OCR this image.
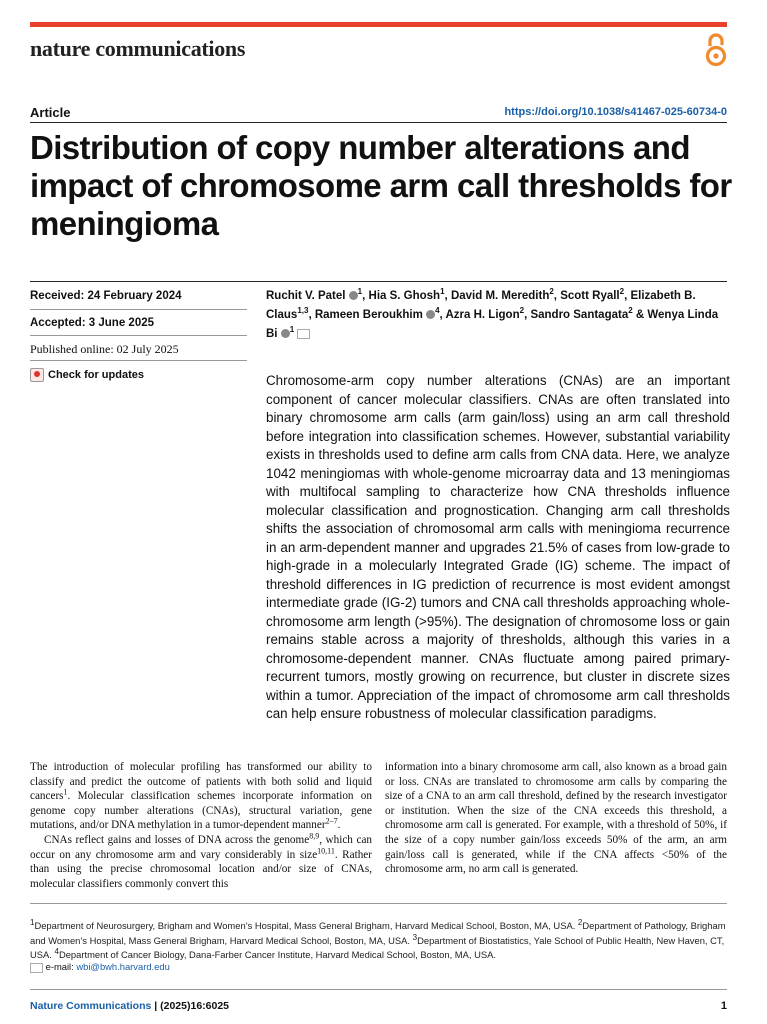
nature communications
Article	https://doi.org/10.1038/s41467-025-60734-0
Distribution of copy number alterations and impact of chromosome arm call thresholds for meningioma
Received: 24 February 2024
Accepted: 3 June 2025
Published online: 02 July 2025
Check for updates
Ruchit V. Patel $^1$, Hia S. Ghosh$^1$, David M. Meredith$^2$, Scott Ryall$^2$, Elizabeth B. Claus$^{1,3}$, Rameen Beroukhim $^4$, Azra H. Ligon$^2$, Sandro Santagata$^2$ & Wenya Linda Bi $^1$

Chromosome-arm copy number alterations (CNAs) are an important component of cancer molecular classifiers. CNAs are often translated into binary chromosome arm calls (arm gain/loss) using an arm call threshold before integration into classification schemes. However, substantial variability exists in thresholds used to define arm calls from CNA data. Here, we analyze 1042 meningiomas with whole-genome microarray data and 13 meningiomas with multifocal sampling to characterize how CNA thresholds influence molecular classification and prognostication. Changing arm call thresholds shifts the association of chromosomal arm calls with meningioma recurrence in an arm-dependent manner and upgrades 21.5% of cases from low-grade to high-grade in a molecularly Integrated Grade (IG) scheme. The impact of threshold differences in IG prediction of recurrence is most evident amongst intermediate grade (IG-2) tumors and CNA call thresholds approaching whole-chromosome arm length (>95%). The designation of chromosome loss or gain remains stable across a majority of thresholds, although this varies in a chromosome-dependent manner. CNAs fluctuate among paired primary-recurrent tumors, mostly growing on recurrence, but cluster in discrete sizes within a tumor. Appreciation of the impact of chromosome arm call thresholds can help ensure robustness of molecular classification paradigms.

The introduction of molecular profiling has transformed our ability to classify and predict the outcome of patients with both solid and liquid cancers$^1$. Molecular classification schemes incorporate information on genome copy number alterations (CNAs), structural variation, gene mutations, and/or DNA methylation in a tumor-dependent manner$^{2-7}$.
CNAs reflect gains and losses of DNA across the genome$^{8,9}$, which can occur on any chromosome arm and vary considerably in size$^{10,11}$. Rather than using the precise chromosomal location and/or size of CNAs, molecular classifiers commonly convert this

information into a binary chromosome arm call, also known as a broad gain or loss. CNAs are translated to chromosome arm calls by comparing the size of a CNA to an arm call threshold, defined by the research investigator or institution. When the size of the CNA exceeds this threshold, a chromosome arm call is generated. For example, with a threshold of 50%, if the size of a copy number gain/loss exceeds 50% of the arm, an arm gain/loss call is generated, while if the CNA affects <50% of the chromosome arm, no arm call is generated.

$^1$Department of Neurosurgery, Brigham and Women’s Hospital, Mass General Brigham, Harvard Medical School, Boston, MA, USA. $^2$Department of Pathology, Brigham and Women’s Hospital, Mass General Brigham, Harvard Medical School, Boston, MA, USA. $^3$Department of Biostatistics, Yale School of Public Health, New Haven, CT, USA. $^4$Department of Cancer Biology, Dana-Farber Cancer Institute, Harvard Medical School, Boston, MA, USA.

e-mail: wbi@bwh.harvard.edu
Nature Communications | (2025)16:6025	1
